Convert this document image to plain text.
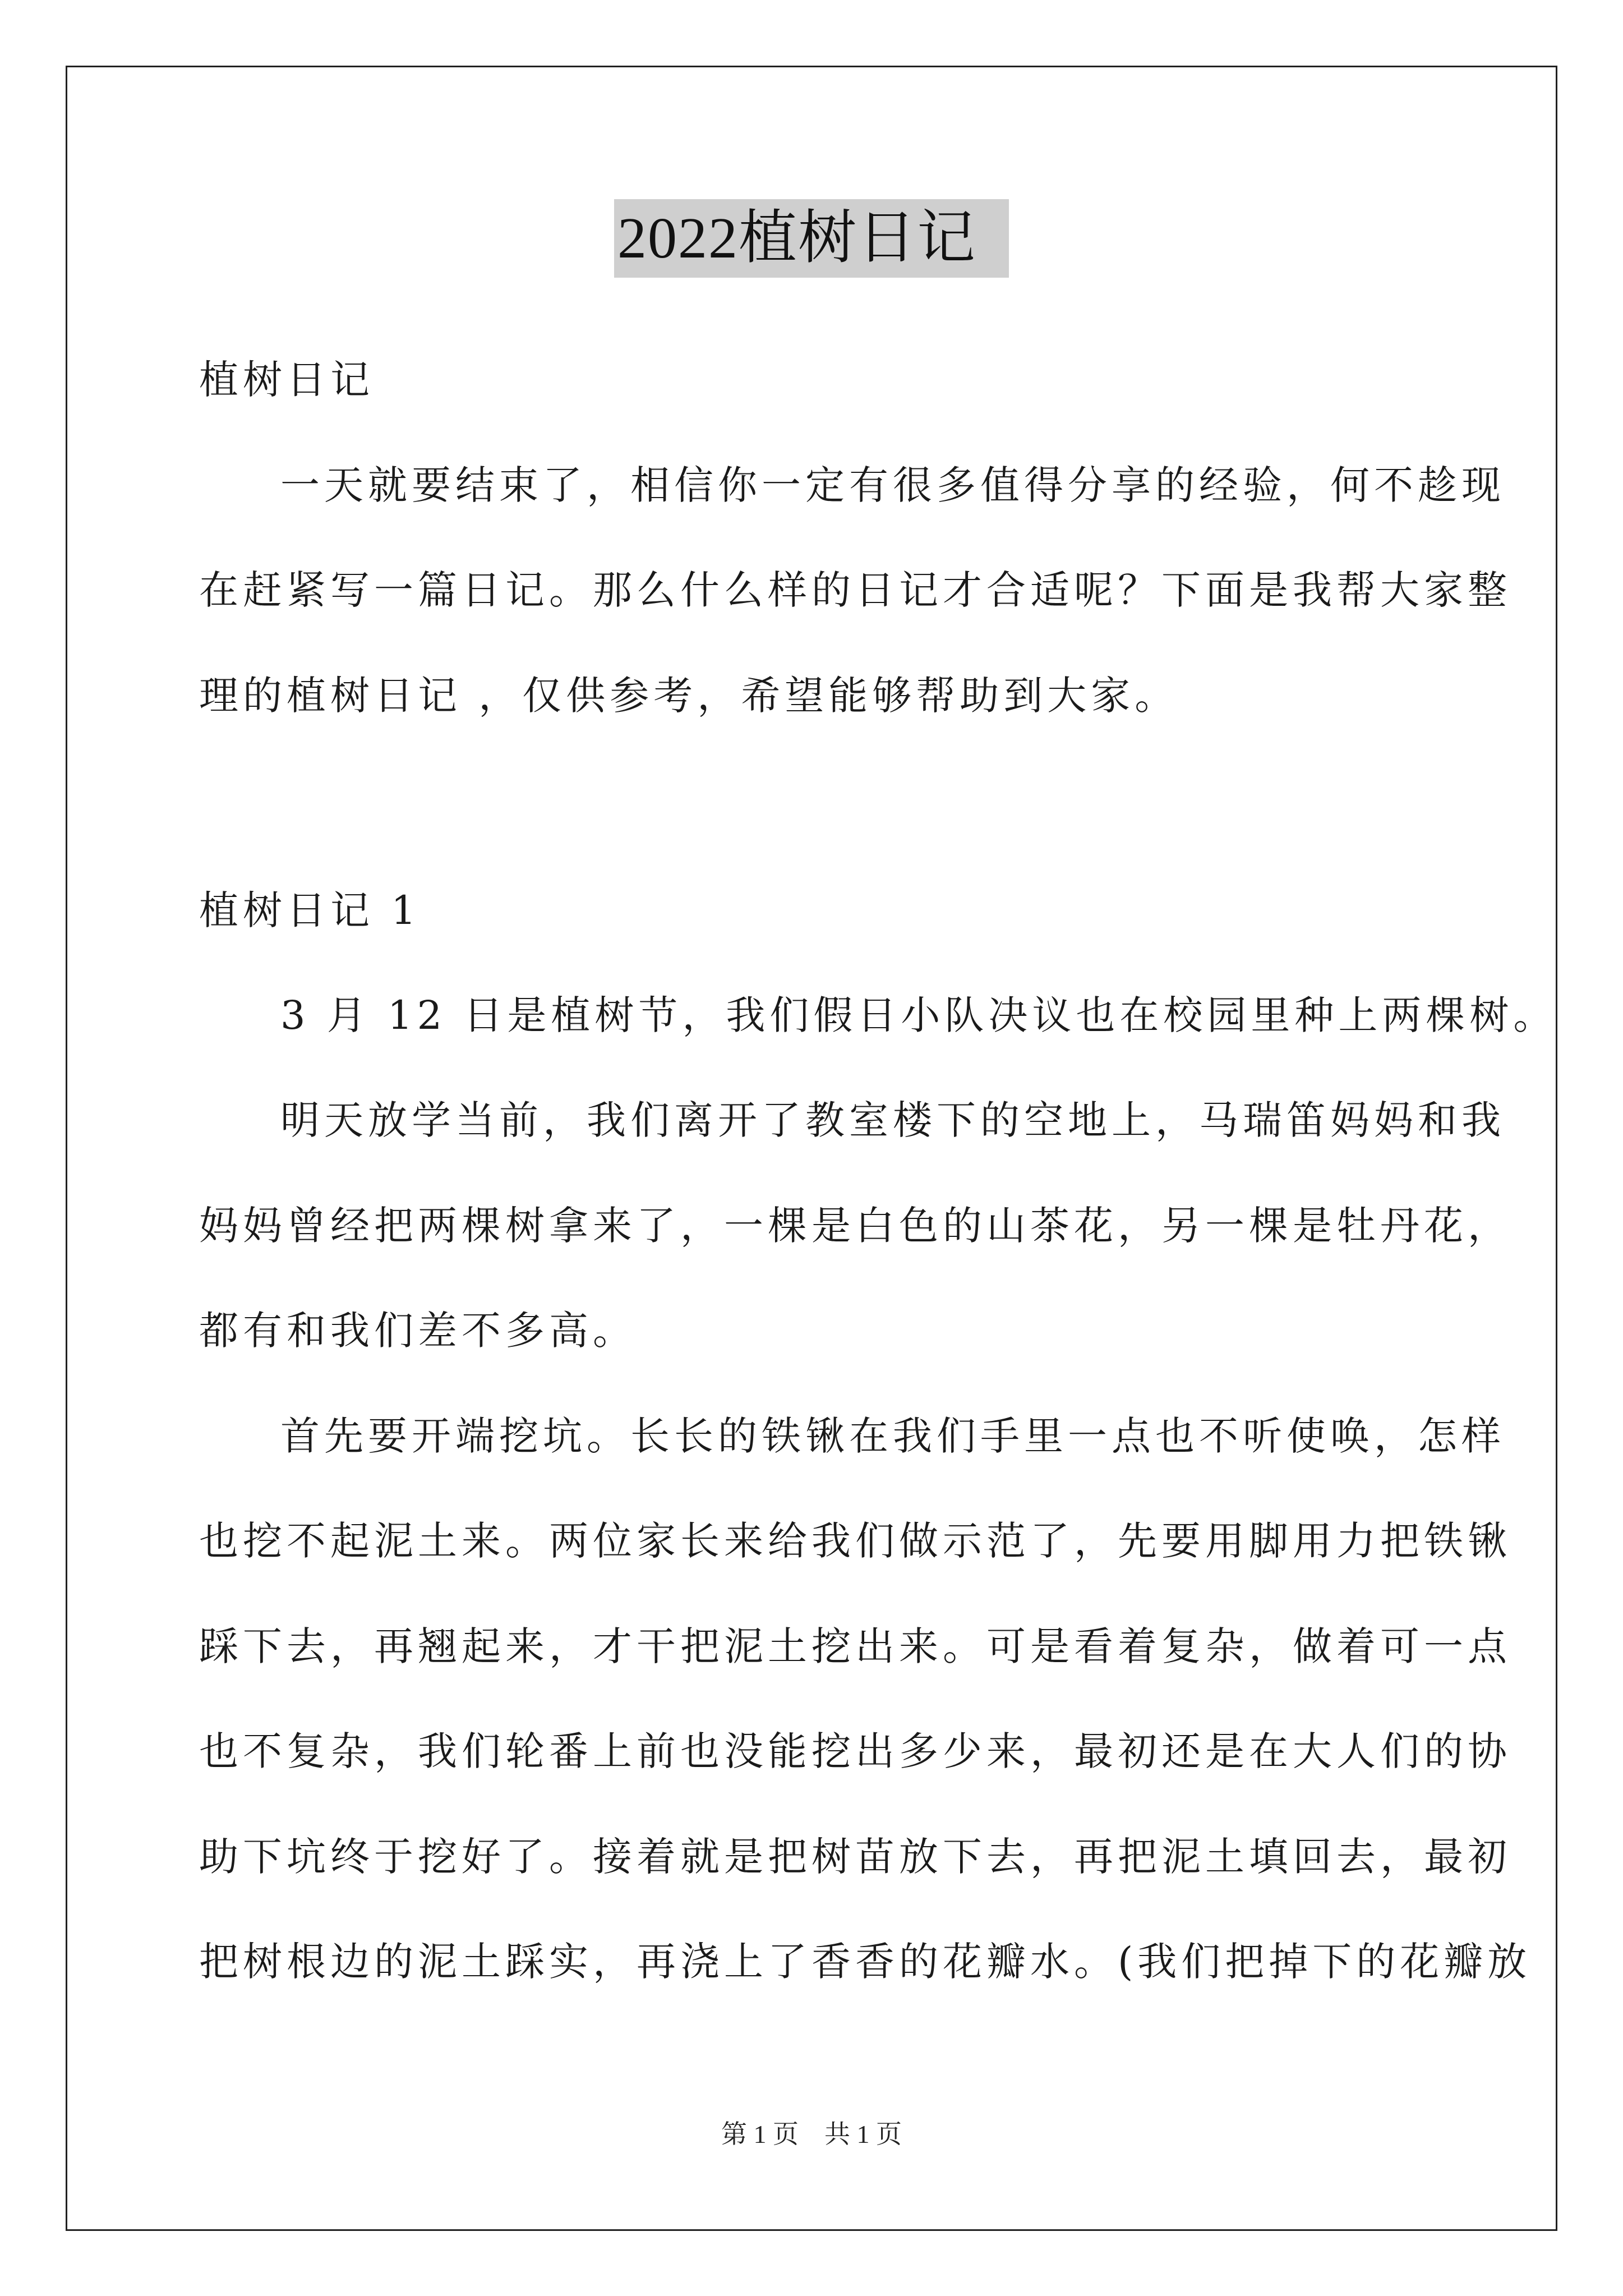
2022植树日记
植树日记
一天就要结束了，相信你一定有很多值得分享的经验，何不趁现
在赶紧写一篇日记。那么什么样的日记才合适呢？下面是我帮大家整
理的植树日记 ，仅供参考，希望能够帮助到大家。
植树日记 1
3 月 12 日是植树节，我们假日小队决议也在校园里种上两棵树。
明天放学当前，我们离开了教室楼下的空地上，马瑞笛妈妈和我
妈妈曾经把两棵树拿来了，一棵是白色的山茶花，另一棵是牡丹花，
都有和我们差不多高。
首先要开端挖坑。长长的铁锹在我们手里一点也不听使唤，怎样
也挖不起泥土来。两位家长来给我们做示范了，先要用脚用力把铁锹
踩下去，再翘起来，才干把泥土挖出来。可是看着复杂，做着可一点
也不复杂，我们轮番上前也没能挖出多少来，最初还是在大人们的协
助下坑终于挖好了。接着就是把树苗放下去，再把泥土填回去，最初
把树根边的泥土踩实，再浇上了香香的花瓣水。(我们把掉下的花瓣放
第 1 页 共 1 页
